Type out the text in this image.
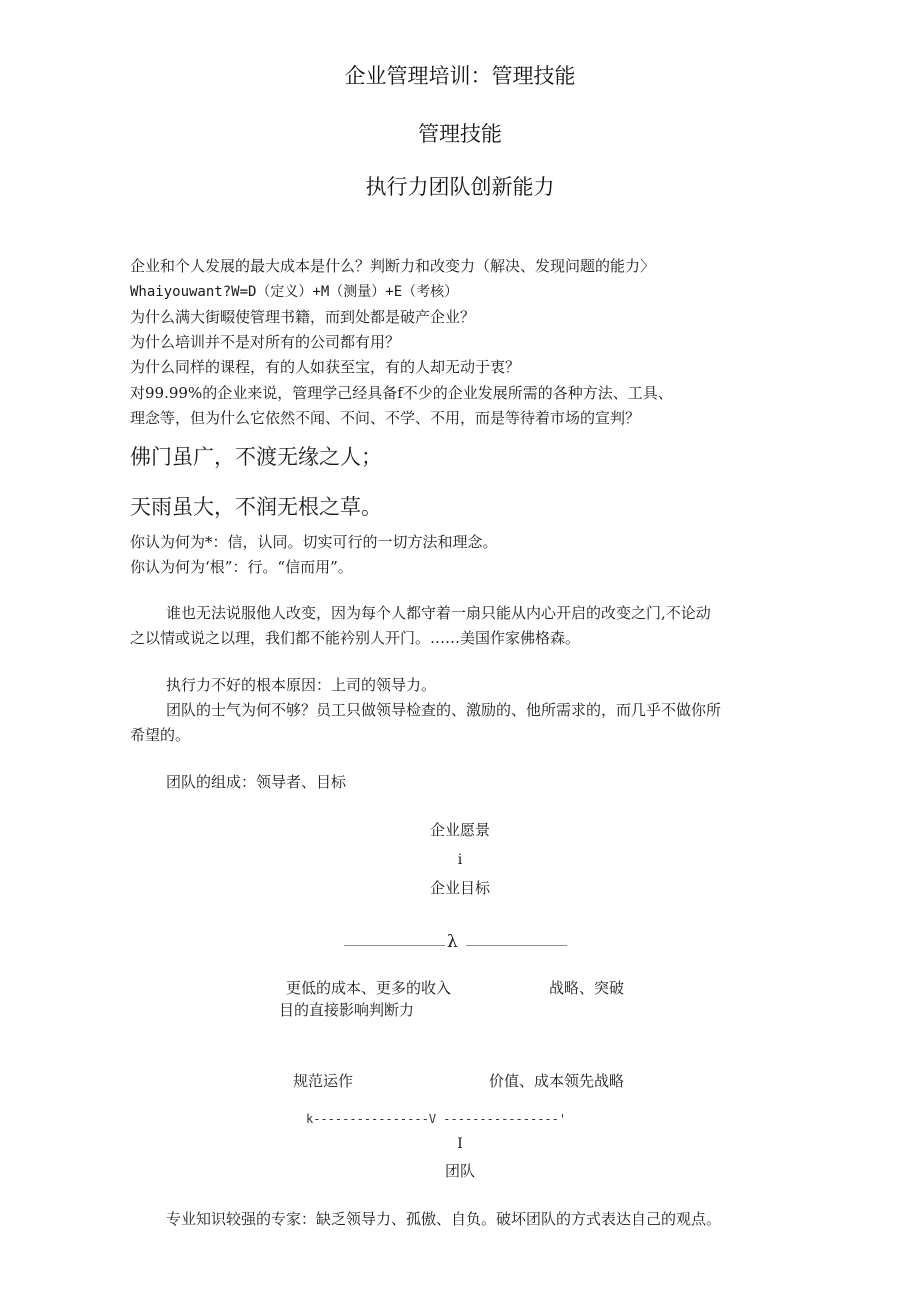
企业管理培训：管理技能
管理技能
执行力团队创新能力
企业和个人发展的最大成本是什么？判断力和改变力（解决、发现问题的能力〉
Whaiyouwant?W=D（定义）+M（测量）+E（考核）
为什么满大街畷使管理书籍，而到处都是破产企业？
为什么培训并不是对所有的公司都有用？
为什么同样的课程，有的人如获至宝，有的人却无动于衷？
对99.99%的企业来说，管理学己经具备f不少的企业发展所需的各种方法、工具、
理念等，但为什么它依然不闻、不问、不学、不用，而是等待着市场的宣判？
佛门虽广，不渡无缘之人；
天雨虽大，不润无根之草。
你认为何为*：信，认同。切实可行的一切方法和理念。
你认为何为‘根”：行。“信而用”。
谁也无法说服他人改变，因为每个人都守着一扇只能从内心开启的改变之门,不论动
之以情或说之以理，我们都不能衿别人开门。……美国作家佛格森。
执行力不好的根本原因：上司的领导力。
团队的士气为何不够？员工只做领导检查的、激励的、他所需求的，而几乎不做你所
希望的。
团队的组成：领导者、目标
企业愿景
i
企业目标
____________ λ ____________
更低的成本、更多的收入	战略、突破
目的直接影响判断力
规范运作	价值、成本领先战略
k----------------V ----------------'
I
团队
专业知识较强的专家：缺乏领导力、孤傲、自负。破坏团队的方式表达自己的观点。
